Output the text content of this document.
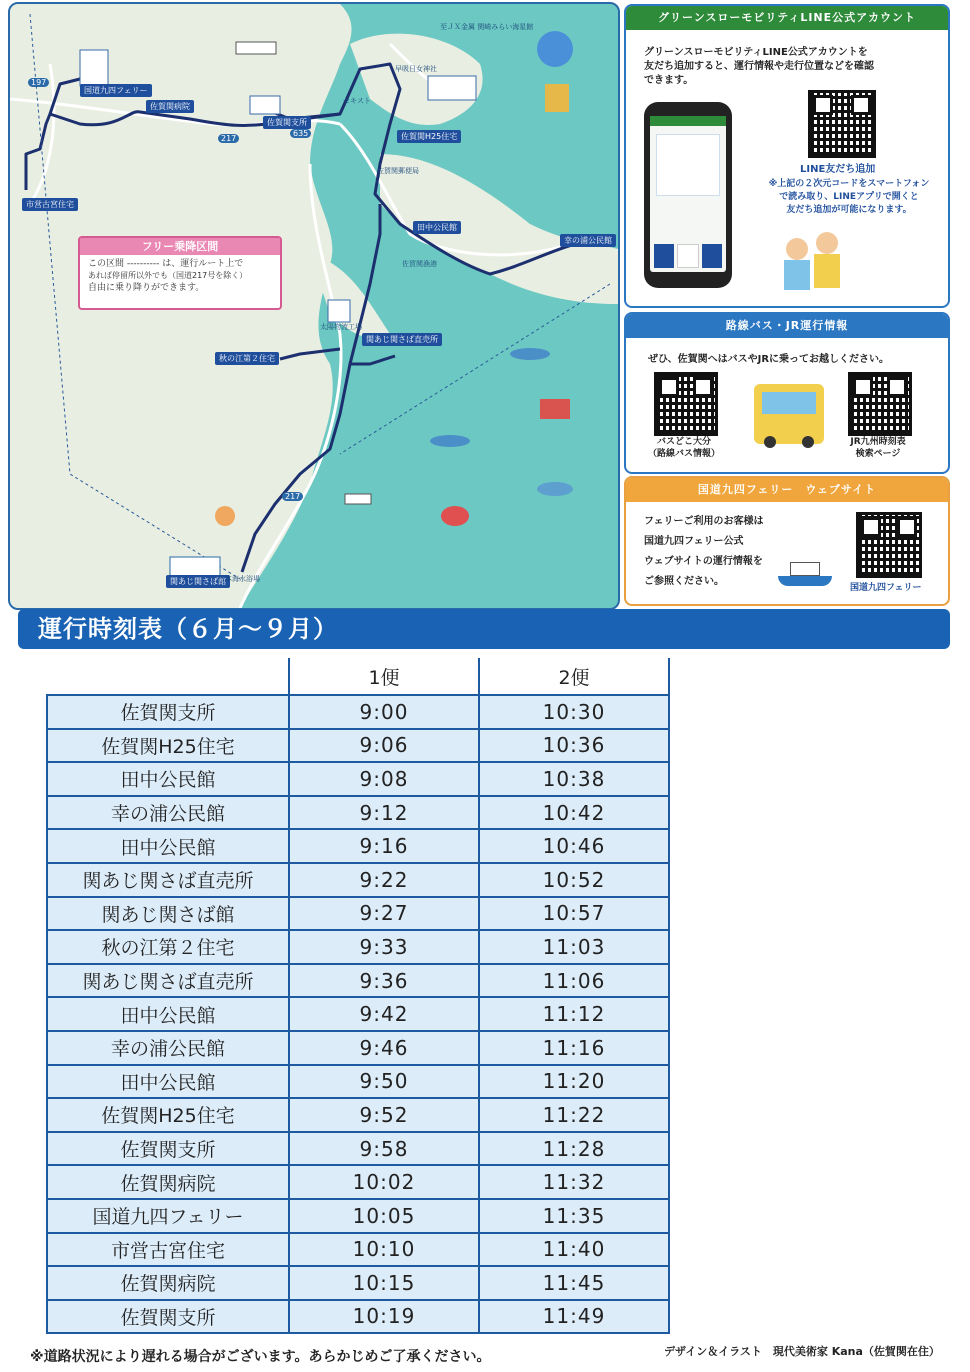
国道九四フェリー
佐賀関病院
佐賀関支所
佐賀関H25住宅
市営古宮住宅
田中公民館
幸の浦公民館
関あじ関さば直売所
秋の江第２住宅
関あじ関さば館
至ＪＸ金属 関崎みらい海星館
早吸日女神社
セキスト
佐賀関郵便局
佐賀関漁港
太陽物流工場
日本海水浴場
197
217
635
217
フリー乗降区間
この区間 ‐‐‐‐‐‐‐‐‐‐ は、運行ルート上で
あれば停留所以外でも（国道217号を除く）
自由に乗り降りができます。
グリーンスローモビリティLINE公式アカウント
グリーンスローモビリティLINE公式アカウントを
友だち追加すると、運行情報や走行位置などを確認
できます。
LINE友だち追加
※上記の２次元コードをスマートフォン
で読み取り、LINEアプリで開くと
友だち追加が可能になります。
路線バス・JR運行情報
ぜひ、佐賀関へはバスやJRに乗ってお越しください。
バスどこ大分
（路線バス情報）
JR九州時刻表
検索ページ
国道九四フェリー　ウェブサイト
フェリーご利用のお客様は
国道九四フェリー公式
ウェブサイトの運行情報を
ご参照ください。
国道九四フェリー
運行時刻表（６月～９月）
	1便	2便
佐賀関支所	9:00	10:30
佐賀関H25住宅	9:06	10:36
田中公民館	9:08	10:38
幸の浦公民館	9:12	10:42
田中公民館	9:16	10:46
関あじ関さば直売所	9:22	10:52
関あじ関さば館	9:27	10:57
秋の江第２住宅	9:33	11:03
関あじ関さば直売所	9:36	11:06
田中公民館	9:42	11:12
幸の浦公民館	9:46	11:16
田中公民館	9:50	11:20
佐賀関H25住宅	9:52	11:22
佐賀関支所	9:58	11:28
佐賀関病院	10:02	11:32
国道九四フェリー	10:05	11:35
市営古宮住宅	10:10	11:40
佐賀関病院	10:15	11:45
佐賀関支所	10:19	11:49
※道路状況により遅れる場合がございます。あらかじめご了承ください。	デザイン＆イラスト　現代美術家 Kana（佐賀関在住）
